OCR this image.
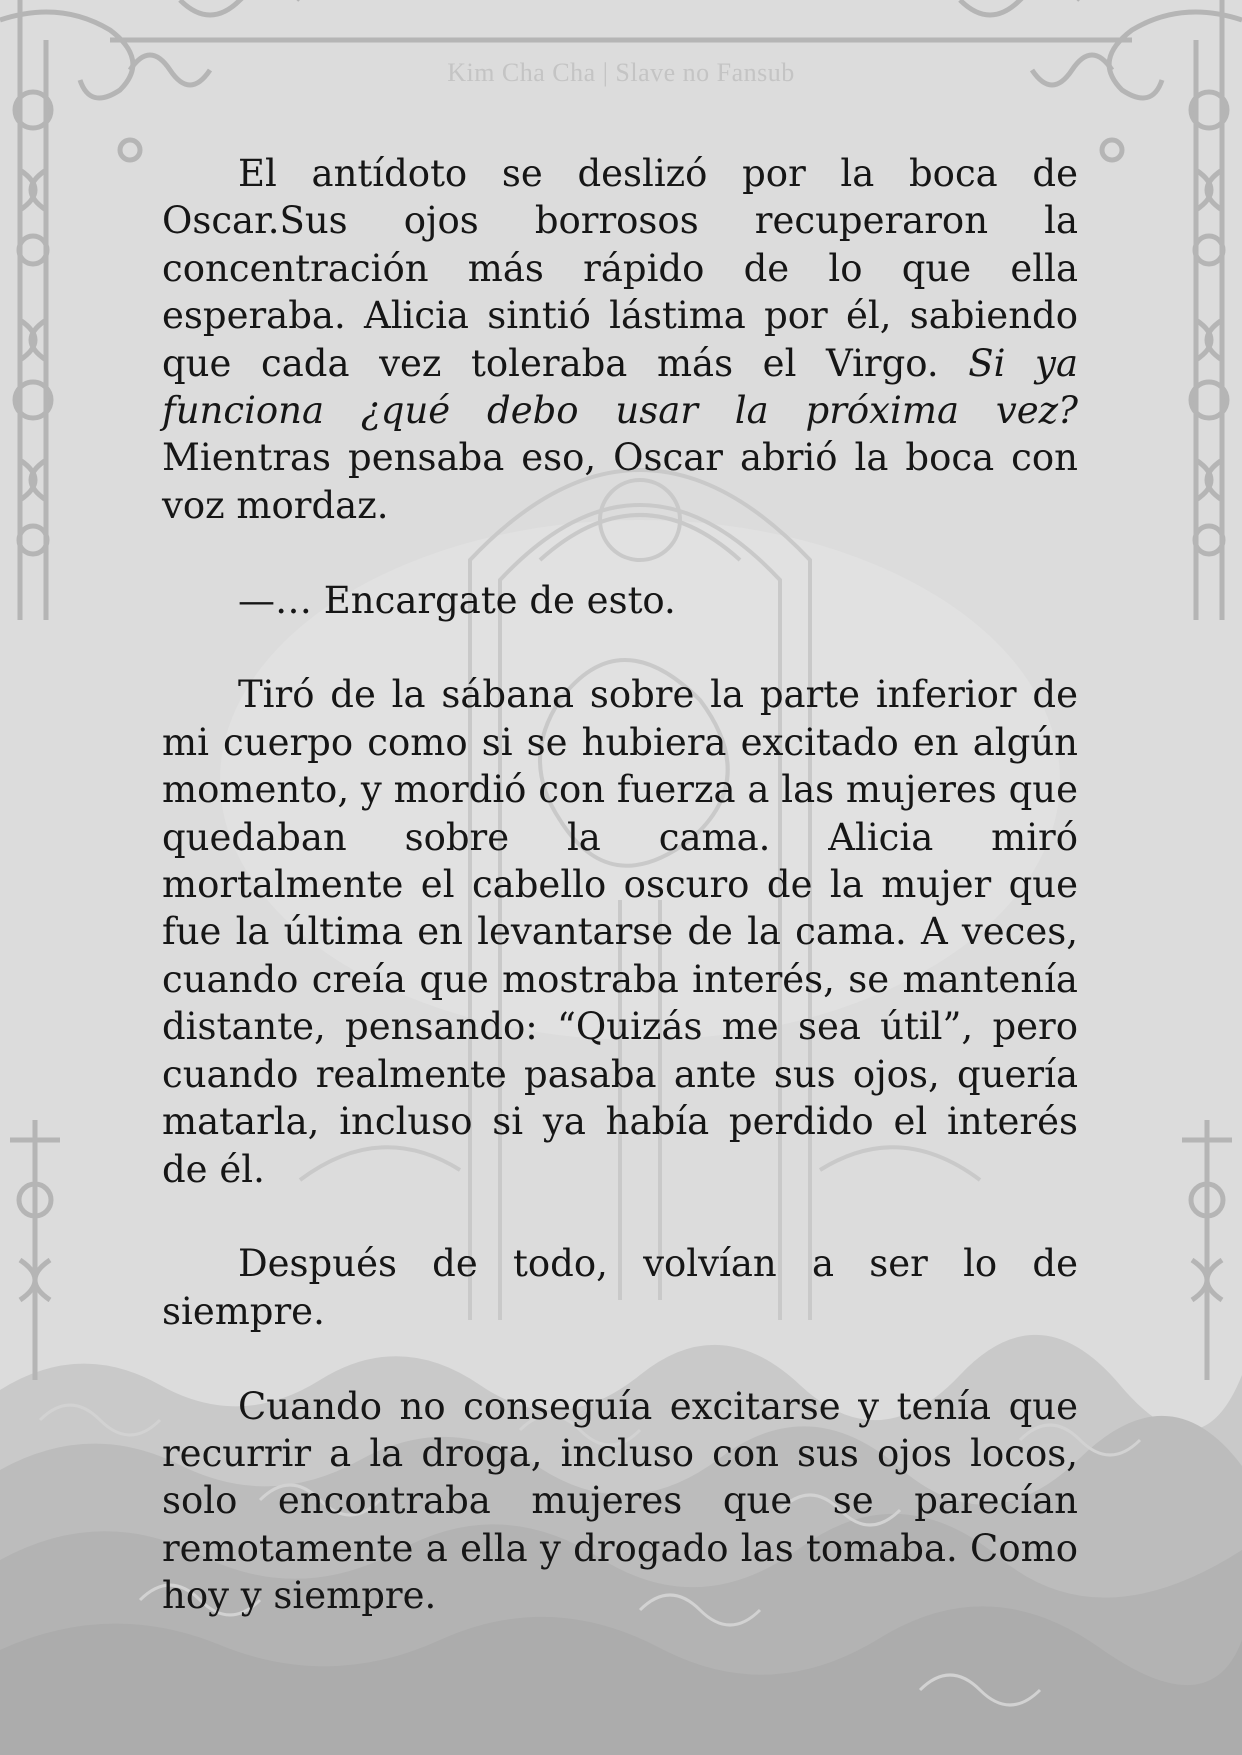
Kim Cha Cha | Slave no Fansub

El antídoto se deslizó por la boca de Oscar.Sus ojos borrosos recuperaron la concentración más rápido de lo que ella esperaba. Alicia sintió lástima por él, sabiendo que cada vez toleraba más el Virgo. Si ya funciona ¿qué debo usar la próxima vez? Mientras pensaba eso, Oscar abrió la boca con voz mordaz.

—… Encargate de esto.

Tiró de la sábana sobre la parte inferior de mi cuerpo como si se hubiera excitado en algún momento, y mordió con fuerza a las mujeres que quedaban sobre la cama. Alicia miró mortalmente el cabello oscuro de la mujer que fue la última en levantarse de la cama. A veces, cuando creía que mostraba interés, se mantenía distante, pensando: “Quizás me sea útil”, pero cuando realmente pasaba ante sus ojos, quería matarla, incluso si ya había perdido el interés de él.

Después de todo, volvían a ser lo de siempre.

Cuando no conseguía excitarse y tenía que recurrir a la droga, incluso con sus ojos locos, solo encontraba mujeres que se parecían remotamente a ella y drogado las tomaba. Como hoy y siempre.
